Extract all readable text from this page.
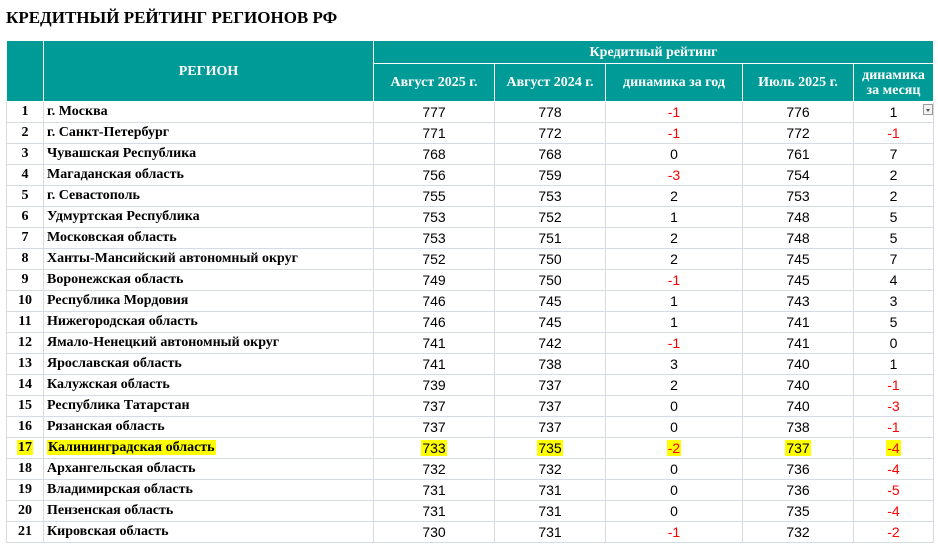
КРЕДИТНЫЙ РЕЙТИНГ РЕГИОНОВ РФ
	РЕГИОН	Кредитный рейтинг				
		Август 2025 г.	Август 2024 г.	динамика за год	Июль 2025 г.	динамика за месяц
1	г. Москва	777	778	-1	776	1

2	г. Санкт-Петербург	771	772	-1	772	-1
3	Чувашская Республика	768	768	0	761	7
4	Магаданская область	756	759	-3	754	2
5	г. Севастополь	755	753	2	753	2
6	Удмуртская Республика	753	752	1	748	5
7	Московская область	753	751	2	748	5
8	Ханты-Мансийский автономный округ	752	750	2	745	7
9	Воронежская область	749	750	-1	745	4
10	Республика Мордовия	746	745	1	743	3
11	Нижегородская область	746	745	1	741	5
12	Ямало-Ненецкий автономный округ	741	742	-1	741	0
13	Ярославская область	741	738	3	740	1
14	Калужская область	739	737	2	740	-1
15	Республика Татарстан	737	737	0	740	-3
16	Рязанская область	737	737	0	738	-1
17	Калининградская область	733	735	-2	737	-4
18	Архангельская область	732	732	0	736	-4
19	Владимирская область	731	731	0	736	-5
20	Пензенская область	731	731	0	735	-4
21	Кировская область	730	731	-1	732	-2
